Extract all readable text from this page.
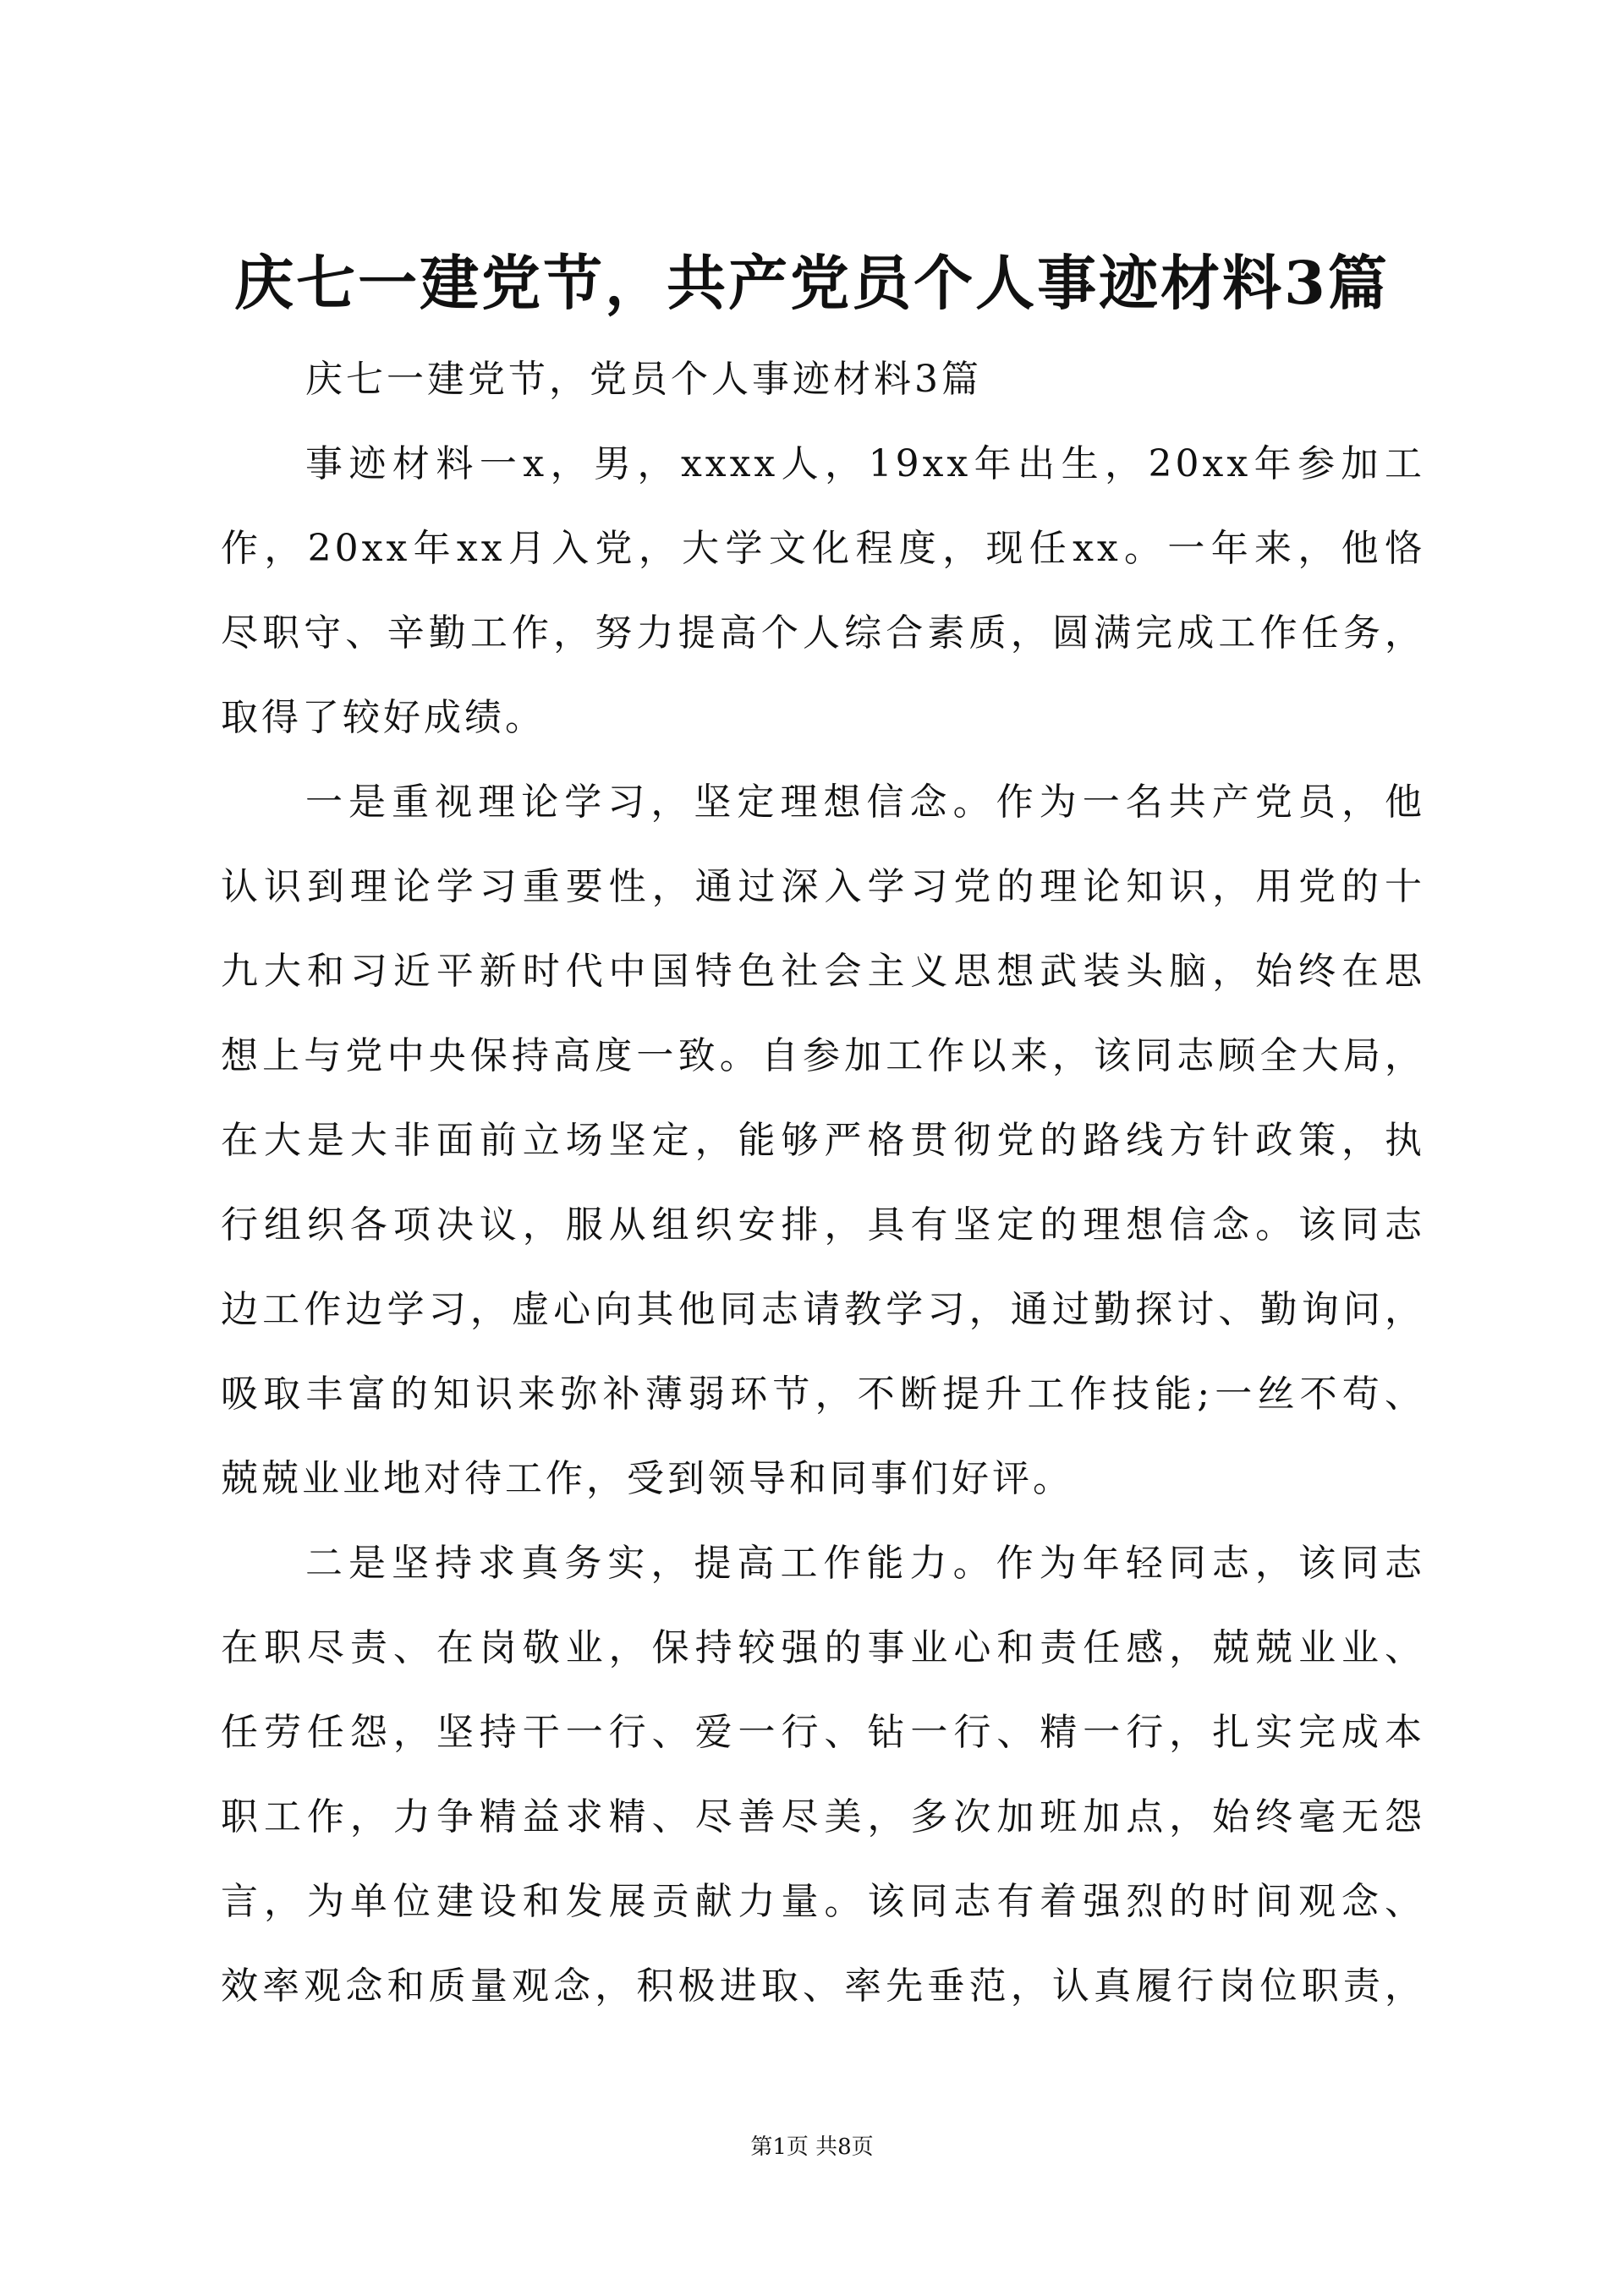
庆七一建党节，共产党员个人事迹材料3篇
庆七一建党节，党员个人事迹材料3篇
事迹材料一x，男，xxxx人，19xx年出生，20xx年参加工
作，20xx年xx月入党，大学文化程度，现任xx。一年来，他恪
尽职守、辛勤工作，努力提高个人综合素质，圆满完成工作任务，
取得了较好成绩。
一是重视理论学习，坚定理想信念。作为一名共产党员，他
认识到理论学习重要性，通过深入学习党的理论知识，用党的十
九大和习近平新时代中国特色社会主义思想武装头脑，始终在思
想上与党中央保持高度一致。自参加工作以来，该同志顾全大局，
在大是大非面前立场坚定，能够严格贯彻党的路线方针政策，执
行组织各项决议，服从组织安排，具有坚定的理想信念。该同志
边工作边学习，虚心向其他同志请教学习，通过勤探讨、勤询问，
吸取丰富的知识来弥补薄弱环节，不断提升工作技能;一丝不苟、
兢兢业业地对待工作，受到领导和同事们好评。
二是坚持求真务实，提高工作能力。作为年轻同志，该同志
在职尽责、在岗敬业，保持较强的事业心和责任感，兢兢业业、
任劳任怨，坚持干一行、爱一行、钻一行、精一行，扎实完成本
职工作，力争精益求精、尽善尽美，多次加班加点，始终毫无怨
言，为单位建设和发展贡献力量。该同志有着强烈的时间观念、
效率观念和质量观念，积极进取、率先垂范，认真履行岗位职责，
第1页 共8页
